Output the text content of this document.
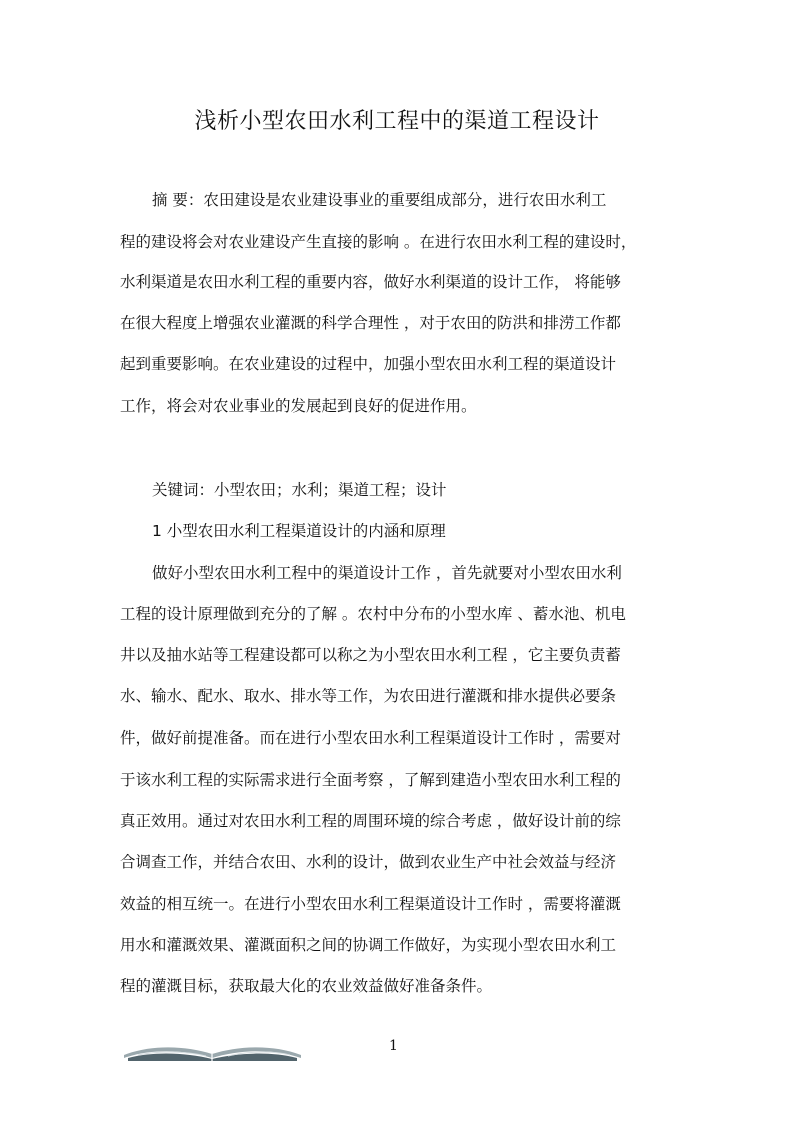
浅析小型农田水利工程中的渠道工程设计

摘 要：农田建设是农业建设事业的重要组成部分，进行农田水利工

程的建设将会对农业建设产生直接的影响 。在进行农田水利工程的建设时，

水利渠道是农田水利工程的重要内容，做好水利渠道的设计工作， 将能够

在很大程度上增强农业灌溉的科学合理性 ，对于农田的防洪和排涝工作都

起到重要影响。在农业建设的过程中，加强小型农田水利工程的渠道设计

工作，将会对农业事业的发展起到良好的促进作用。

关键词：小型农田；水利；渠道工程；设计

1 小型农田水利工程渠道设计的内涵和原理

做好小型农田水利工程中的渠道设计工作 ，首先就要对小型农田水利

工程的设计原理做到充分的了解 。农村中分布的小型水库 、蓄水池、机电

井以及抽水站等工程建设都可以称之为小型农田水利工程 ，它主要负责蓄

水、输水、配水、取水、排水等工作，为农田进行灌溉和排水提供必要条

件，做好前提准备。而在进行小型农田水利工程渠道设计工作时 ，需要对

于该水利工程的实际需求进行全面考察 ，了解到建造小型农田水利工程的

真正效用。通过对农田水利工程的周围环境的综合考虑 ，做好设计前的综

合调查工作，并结合农田、水利的设计，做到农业生产中社会效益与经济

效益的相互统一。在进行小型农田水利工程渠道设计工作时 ，需要将灌溉

用水和灌溉效果、灌溉面积之间的协调工作做好，为实现小型农田水利工

程的灌溉目标，获取最大化的农业效益做好准备条件。

1
